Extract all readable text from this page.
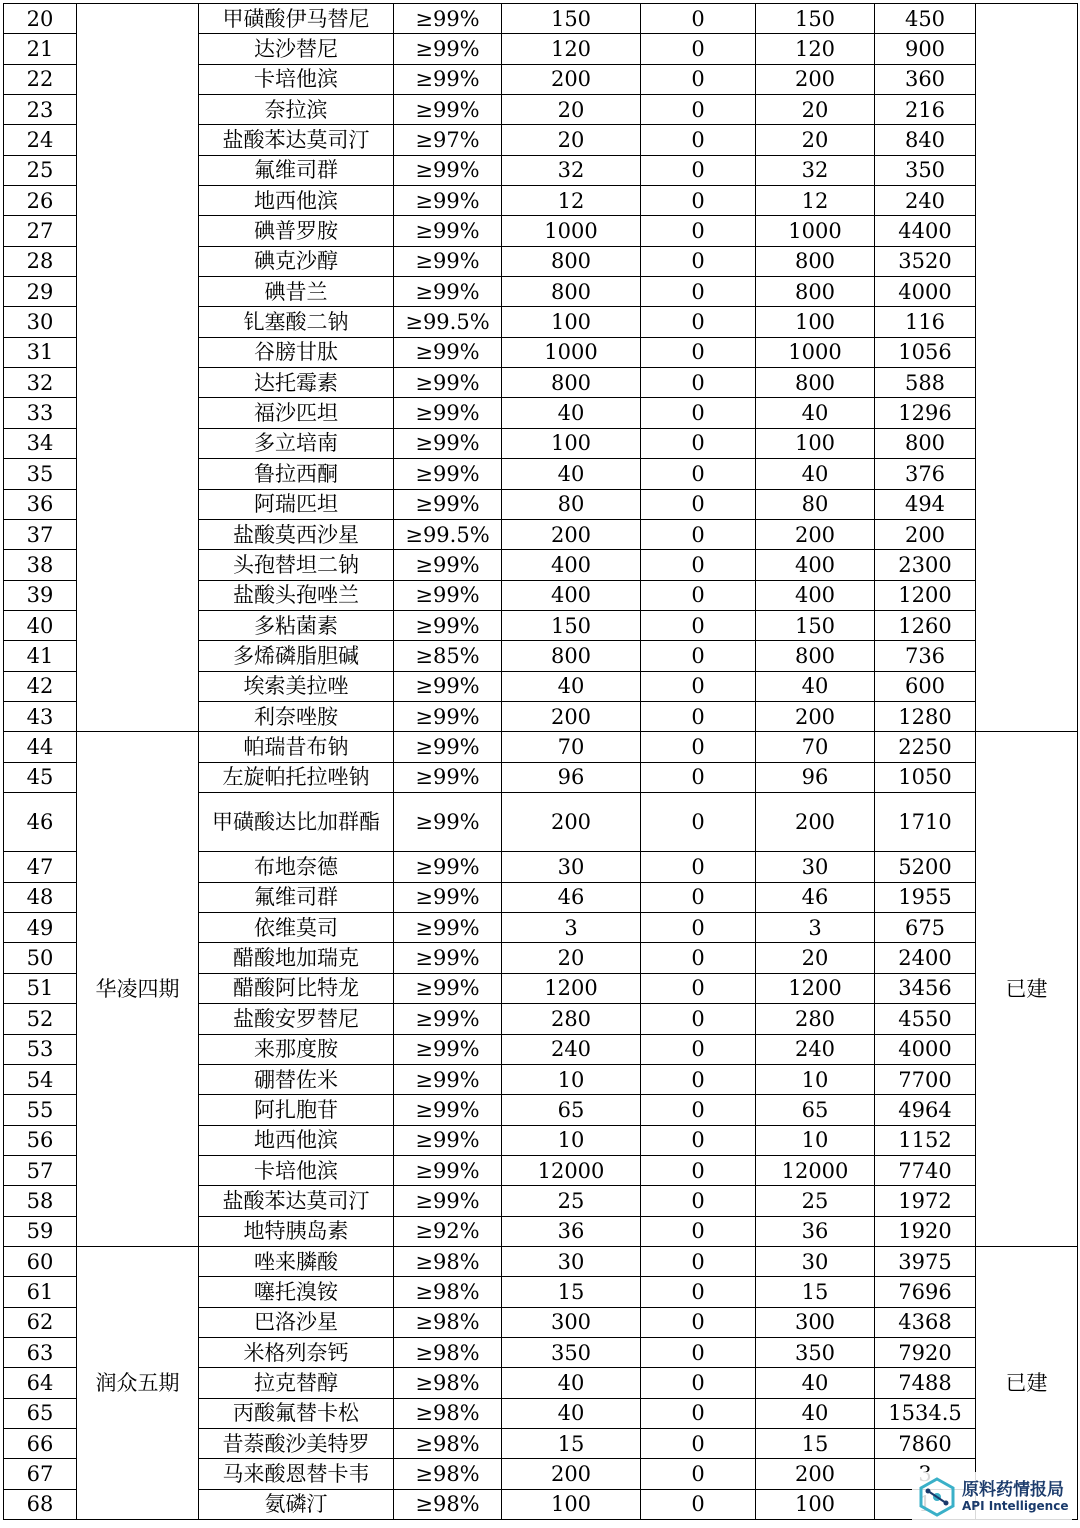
20		甲磺酸伊马替尼	≥99%	150	0	150	450	
21		达沙替尼	≥99%	120	0	120	900	
22		卡培他滨	≥99%	200	0	200	360	
23		奈拉滨	≥99%	20	0	20	216	
24		盐酸苯达莫司汀	≥97%	20	0	20	840	
25		氟维司群	≥99%	32	0	32	350	
26		地西他滨	≥99%	12	0	12	240	
27		碘普罗胺	≥99%	1000	0	1000	4400	
28		碘克沙醇	≥99%	800	0	800	3520	
29		碘昔兰	≥99%	800	0	800	4000	
30		钆塞酸二钠	≥99.5%	100	0	100	116	
31		谷膀甘肽	≥99%	1000	0	1000	1056	
32		达托霉素	≥99%	800	0	800	588	
33		福沙匹坦	≥99%	40	0	40	1296	
34		多立培南	≥99%	100	0	100	800	
35		鲁拉西酮	≥99%	40	0	40	376	
36		阿瑞匹坦	≥99%	80	0	80	494	
37		盐酸莫西沙星	≥99.5%	200	0	200	200	
38		头孢替坦二钠	≥99%	400	0	400	2300	
39		盐酸头孢唑兰	≥99%	400	0	400	1200	
40		多粘菌素	≥99%	150	0	150	1260	
41		多烯磷脂胆碱	≥85%	800	0	800	736	
42		埃索美拉唑	≥99%	40	0	40	600	
43		利奈唑胺	≥99%	200	0	200	1280	
44	华凌四期	帕瑞昔布钠	≥99%	70	0	70	2250	已建
45		左旋帕托拉唑钠	≥99%	96	0	96	1050	
46		甲磺酸达比加群酯	≥99%	200	0	200	1710	
47		布地奈德	≥99%	30	0	30	5200	
48		氟维司群	≥99%	46	0	46	1955	
49		依维莫司	≥99%	3	0	3	675	
50		醋酸地加瑞克	≥99%	20	0	20	2400	
51		醋酸阿比特龙	≥99%	1200	0	1200	3456	
52		盐酸安罗替尼	≥99%	280	0	280	4550	
53		来那度胺	≥99%	240	0	240	4000	
54		硼替佐米	≥99%	10	0	10	7700	
55		阿扎胞苷	≥99%	65	0	65	4964	
56		地西他滨	≥99%	10	0	10	1152	
57		卡培他滨	≥99%	12000	0	12000	7740	
58		盐酸苯达莫司汀	≥99%	25	0	25	1972	
59		地特胰岛素	≥92%	36	0	36	1920	
60	润众五期	唑来膦酸	≥98%	30	0	30	3975	已建
61		噻托溴铵	≥98%	15	0	15	7696	
62		巴洛沙星	≥98%	300	0	300	4368	
63		米格列奈钙	≥98%	350	0	350	7920	
64		拉克替醇	≥98%	40	0	40	7488	
65		丙酸氟替卡松	≥98%	40	0	40	1534.5	
66		昔萘酸沙美特罗	≥98%	15	0	15	7860	
67		马来酸恩替卡韦	≥98%	200	0	200	
68		氨磷汀	≥98%	100	0	100	
原料药情报局
API Intelligence
